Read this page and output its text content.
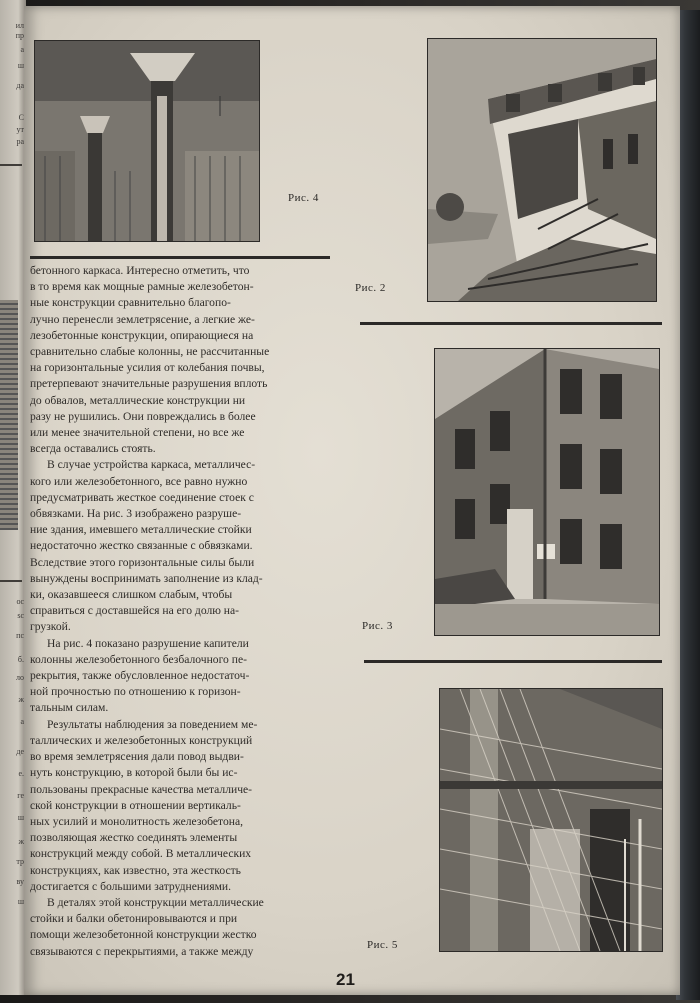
ил
пр
а
ш
да
С
ут
ра
oc
sc
пс
б.
ло
ж
а
де
е.
ге
ш
ж
тр
ву
ш
Рис. 4
Рис. 2
Рис. 3
Рис. 5

бетонного каркаса. Интересно отметить, что

в то время как мощные рамные железобетон-

ные конструкции сравнительно благопо-

лучно перенесли землетрясение, а легкие же-

лезобетонные конструкции, опирающиеся на

сравнительно слабые колонны, не рассчитанные

на горизонтальные усилия от колебания почвы,

претерпевают значительные разрушения вплоть

до обвалов, металлические конструкции ни

разу не рушились. Они повреждались в более

или менее значительной степени, но все же

всегда оставались стоять.

В случае устройства каркаса, металличес-

кого или железобетонного, все равно нужно

предусматривать жесткое соединение стоек с

обвязками. На рис. 3 изображено разруше-

ние здания, имевшего металлические стойки

недостаточно жестко связанные с обвязками.

Вследствие этого горизонтальные силы были

вынуждены воспринимать заполнение из клад-

ки, оказавшееся слишком слабым, чтобы

справиться с доставшейся на его долю на-

грузкой.

На рис. 4 показано разрушение капители

колонны железобетонного безбалочного пе-

рекрытия, также обусловленное недостаточ-

ной прочностью по отношению к горизон-

тальным силам.

Результаты наблюдения за поведением ме-

таллических и железобетонных конструкций

во время землетрясения дали повод выдви-

нуть конструкцию, в которой были бы ис-

пользованы прекрасные качества металличе-

ской конструкции в отношении вертикаль-

ных усилий и монолитность железобетона,

позволяющая жестко соединять элементы

конструкций между собой. В металлических

конструкциях, как известно, эта жесткость

достигается с большими затруднениями.

В деталях этой конструкции металлические

стойки и балки обетонировываются и при

помощи железобетонной конструкции жестко

связываются с перекрытиями, а также между

21
